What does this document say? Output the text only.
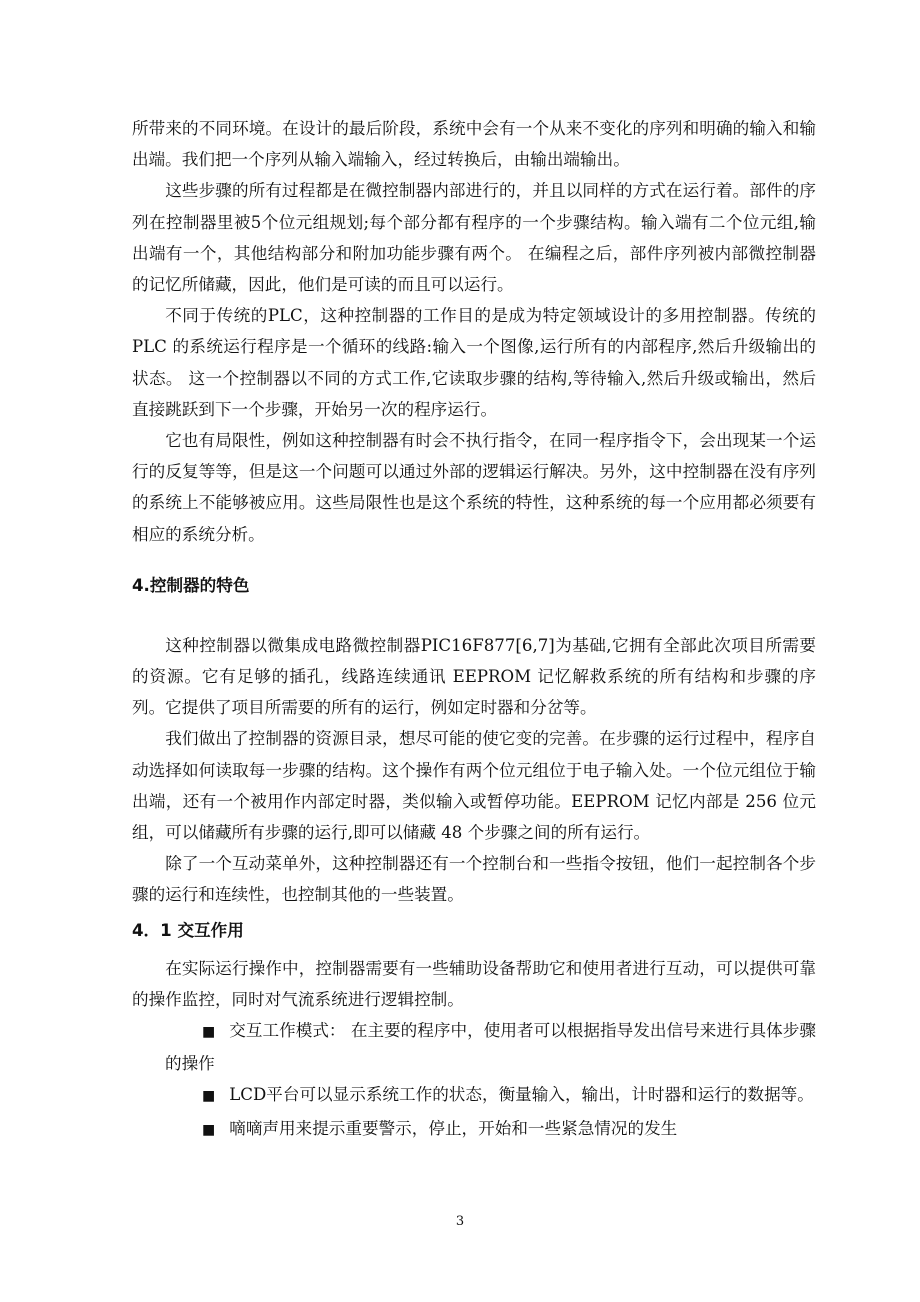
所带来的不同环境。在设计的最后阶段，系统中会有一个从来不变化的序列和明确的输入和输出端。我们把一个序列从输入端输入，经过转换后，由输出端输出。

这些步骤的所有过程都是在微控制器内部进行的，并且以同样的方式在运行着。部件的序列在控制器里被5个位元组规划;每个部分都有程序的一个步骤结构。输入端有二个位元组,输出端有一个，其他结构部分和附加功能步骤有两个。 在编程之后，部件序列被内部微控制器的记忆所储藏，因此，他们是可读的而且可以运行。

不同于传统的PLC，这种控制器的工作目的是成为特定领域设计的多用控制器。传统的 PLC 的系统运行程序是一个循环的线路:输入一个图像,运行所有的内部程序,然后升级输出的状态。 这一个控制器以不同的方式工作,它读取步骤的结构,等待输入,然后升级或输出，然后直接跳跃到下一个步骤，开始另一次的程序运行。

它也有局限性，例如这种控制器有时会不执行指令，在同一程序指令下，会出现某一个运行的反复等等，但是这一个问题可以通过外部的逻辑运行解决。另外，这中控制器在没有序列的系统上不能够被应用。这些局限性也是这个系统的特性，这种系统的每一个应用都必须要有相应的系统分析。

4.控制器的特色

这种控制器以微集成电路微控制器PIC16F877[6,7]为基础,它拥有全部此次项目所需要的资源。它有足够的插孔，线路连续通讯 EEPROM 记忆解救系统的所有结构和步骤的序列。它提供了项目所需要的所有的运行，例如定时器和分岔等。

我们做出了控制器的资源目录，想尽可能的使它变的完善。在步骤的运行过程中，程序自动选择如何读取每一步骤的结构。这个操作有两个位元组位于电子输入处。一个位元组位于输出端，还有一个被用作内部定时器，类似输入或暂停功能。EEPROM 记忆内部是 256 位元组，可以储藏所有步骤的运行,即可以储藏 48 个步骤之间的所有运行。

除了一个互动菜单外，这种控制器还有一个控制台和一些指令按钮，他们一起控制各个步骤的运行和连续性，也控制其他的一些装置。

4．1 交互作用

在实际运行操作中，控制器需要有一些辅助设备帮助它和使用者进行互动，可以提供可靠的操作监控，同时对气流系统进行逻辑控制。

■ 交互工作模式： 在主要的程序中，使用者可以根据指导发出信号来进行具体步骤的操作
■ LCD平台可以显示系统工作的状态，衡量输入，输出，计时器和运行的数据等。
■ 嘀嘀声用来提示重要警示，停止，开始和一些紧急情况的发生
3
